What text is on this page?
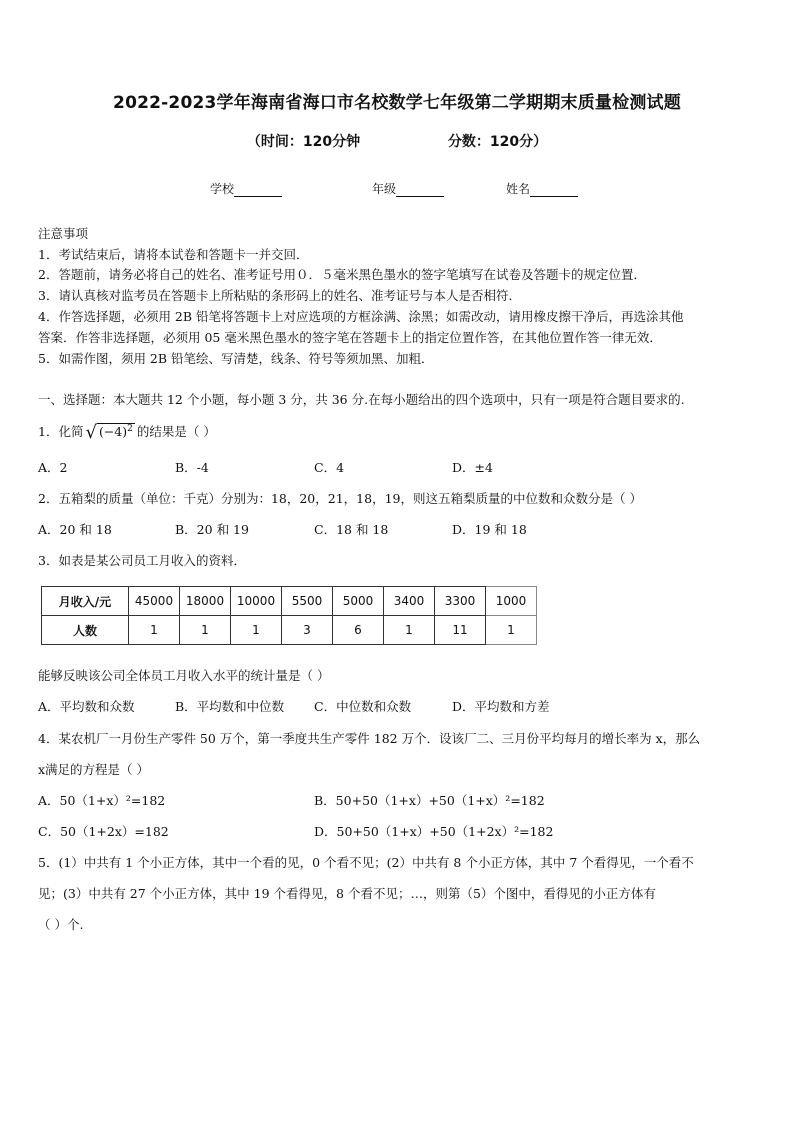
2022-2023学年海南省海口市名校数学七年级第二学期期末质量检测试题
（时间：120分钟                  分数：120分）
学校	年级	姓名
注意事项
1．考试结束后，请将本试卷和答题卡一并交回．
2．答题前，请务必将自己的姓名、准考证号用０．５毫米黑色墨水的签字笔填写在试卷及答题卡的规定位置．
3．请认真核对监考员在答题卡上所粘贴的条形码上的姓名、准考证号与本人是否相符．
4．作答选择题，必须用 2B 铅笔将答题卡上对应选项的方框涂满、涂黑；如需改动，请用橡皮擦干净后，再选涂其他
答案．作答非选择题，必须用 05 毫米黑色墨水的签字笔在答题卡上的指定位置作答，在其他位置作答一律无效．
5．如需作图，须用 2B 铅笔绘、写清楚，线条、符号等须加黑、加粗．
一、选择题：本大题共 12 个小题，每小题 3 分，共 36 分.在每小题给出的四个选项中，只有一项是符合题目要求的.
1．化简 √ $(-4)^2$ 的结果是（ ）
A．2	B．-4	C．4	D．±4
2．五箱梨的质量（单位：千克）分别为：18，20，21，18，19，则这五箱梨质量的中位数和众数分是（ ）
A．20 和 18	B．20 和 19	C．18 和 18	D．19 和 18
3．如表是某公司员工月收入的资料．
月收入/元	45000	18000	10000	5500	5000	3400	3300	1000
人数	1	1	1	3	6	1	11	1
能够反映该公司全体员工月收入水平的统计量是（ ）
A．平均数和众数	B．平均数和中位数 C．中位数和众数	D．平均数和方差
4．某农机厂一月份生产零件 50 万个，第一季度共生产零件 182 万个．设该厂二、三月份平均每月的增长率为 x，那么
x满足的方程是（ ）
A．50（1+x）²=182	B．50+50（1+x）+50（1+x）²=182
C．50（1+2x）=182	D．50+50（1+x）+50（1+2x）²=182
5．(1）中共有 1 个小正方体，其中一个看的见，0 个看不见；(2）中共有 8 个小正方体，其中 7 个看得见，一个看不
见；(3）中共有 27 个小正方体，其中 19 个看得见，8 个看不见；…，则第（5）个图中，看得见的小正方体有
（ ）个.
